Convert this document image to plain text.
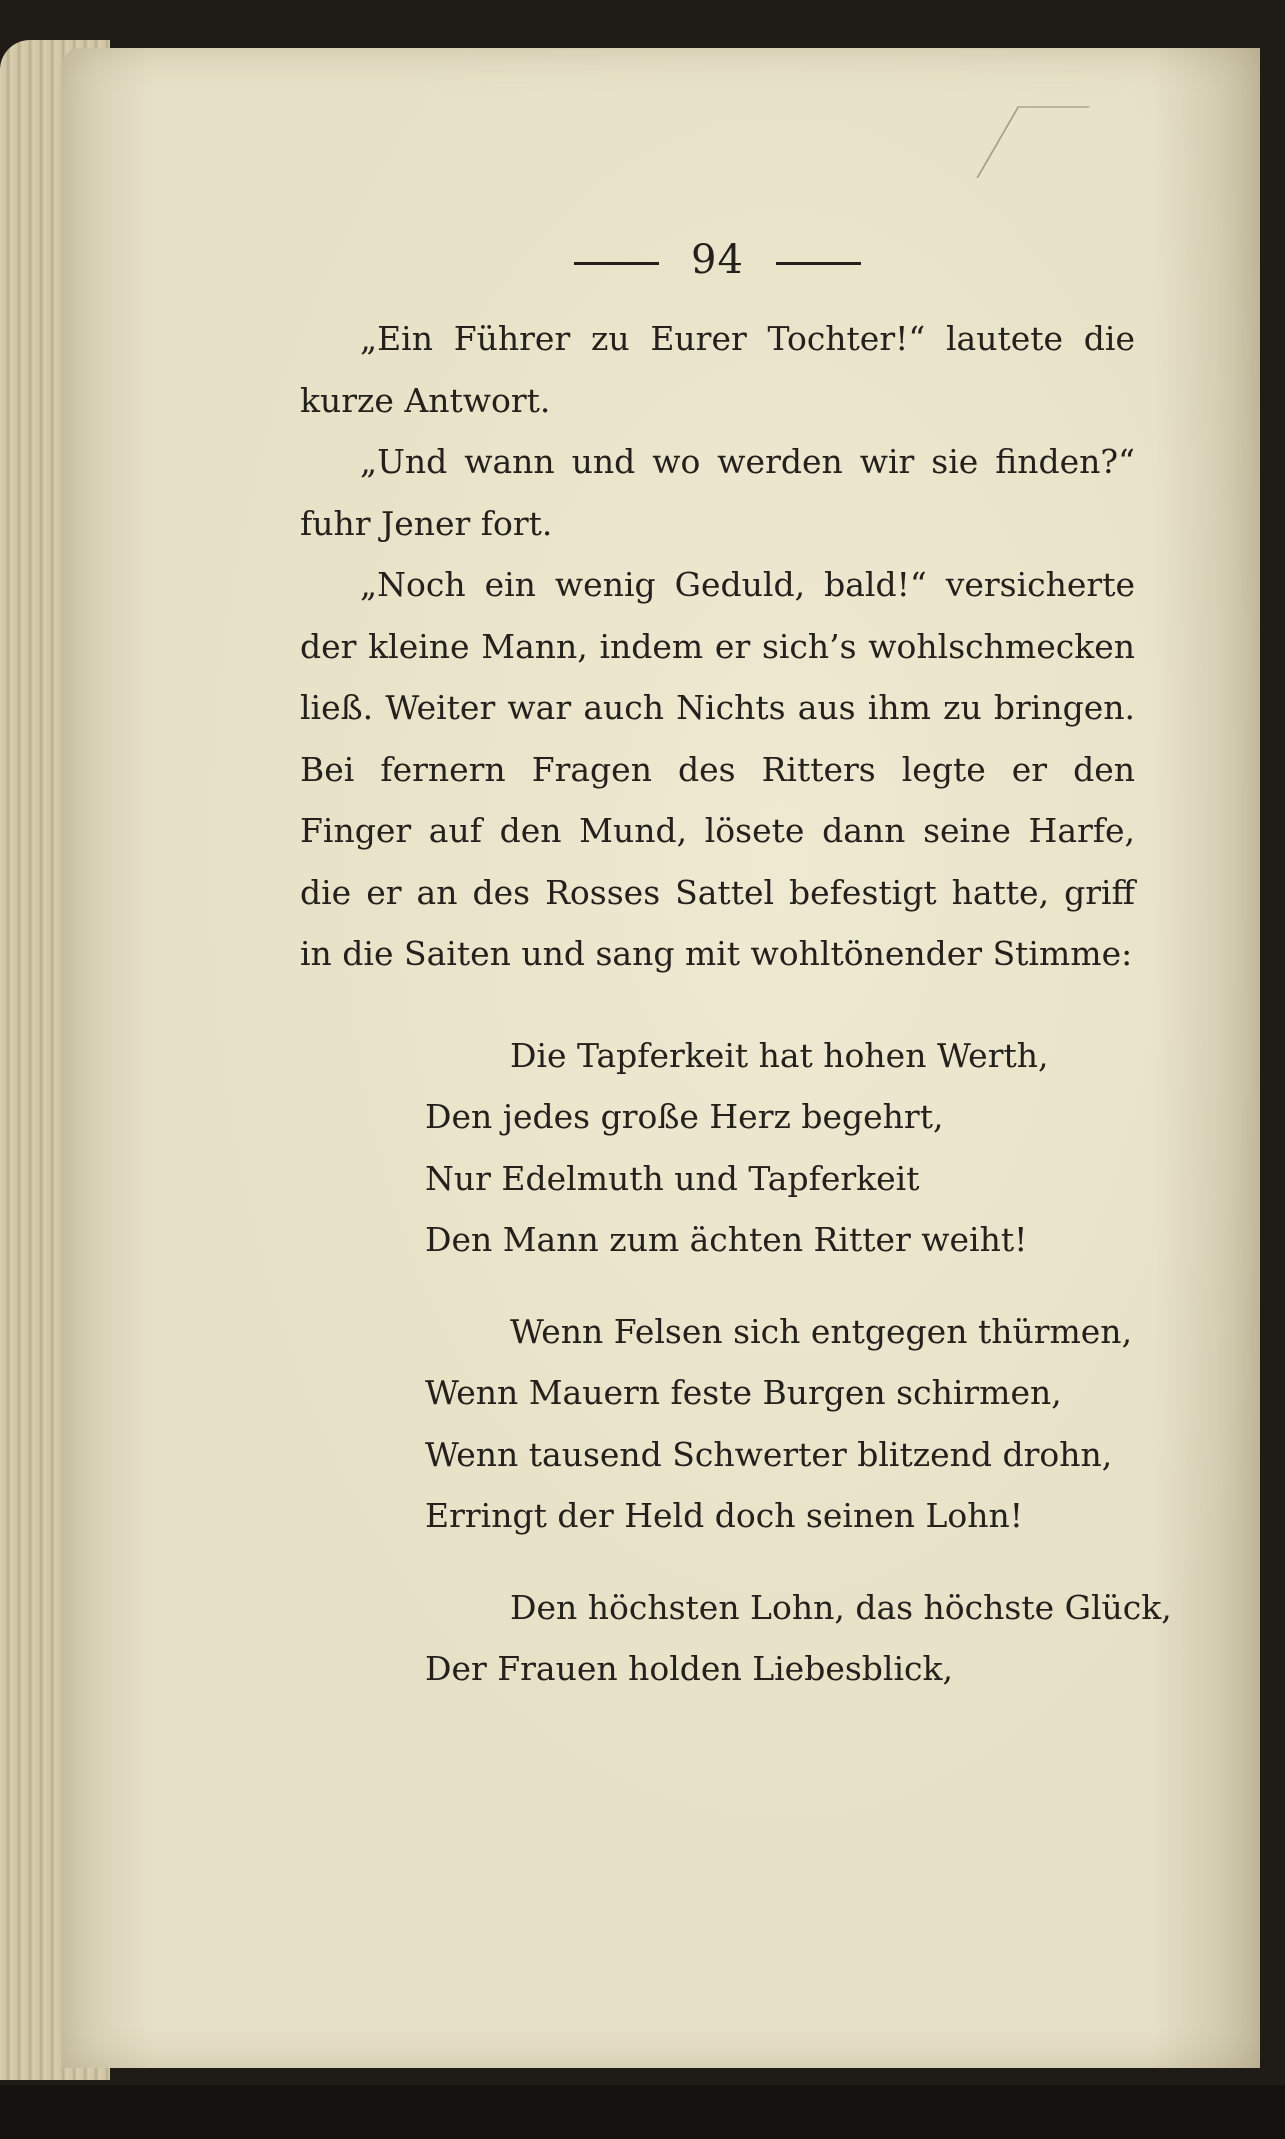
94

„Ein Führer zu Eurer Tochter!“ lautete die kurze Antwort.

„Und wann und wo werden wir sie finden?“ fuhr Jener fort.

„Noch ein wenig Geduld, bald!“ versicherte der kleine Mann, indem er sich’s wohlschmecken ließ. Weiter war auch Nichts aus ihm zu bringen. Bei fernern Fragen des Ritters legte er den Finger auf den Mund, lösete dann seine Harfe, die er an des Rosses Sattel befestigt hatte, griff in die Saiten und sang mit wohltönender Stimme:

Die Tapferkeit hat hohen Werth,
Den jedes große Herz begehrt,
Nur Edelmuth und Tapferkeit
Den Mann zum ächten Ritter weiht!
Wenn Felsen sich entgegen thürmen,
Wenn Mauern feste Burgen schirmen,
Wenn tausend Schwerter blitzend drohn,
Erringt der Held doch seinen Lohn!
Den höchsten Lohn, das höchste Glück,
Der Frauen holden Liebesblick,
